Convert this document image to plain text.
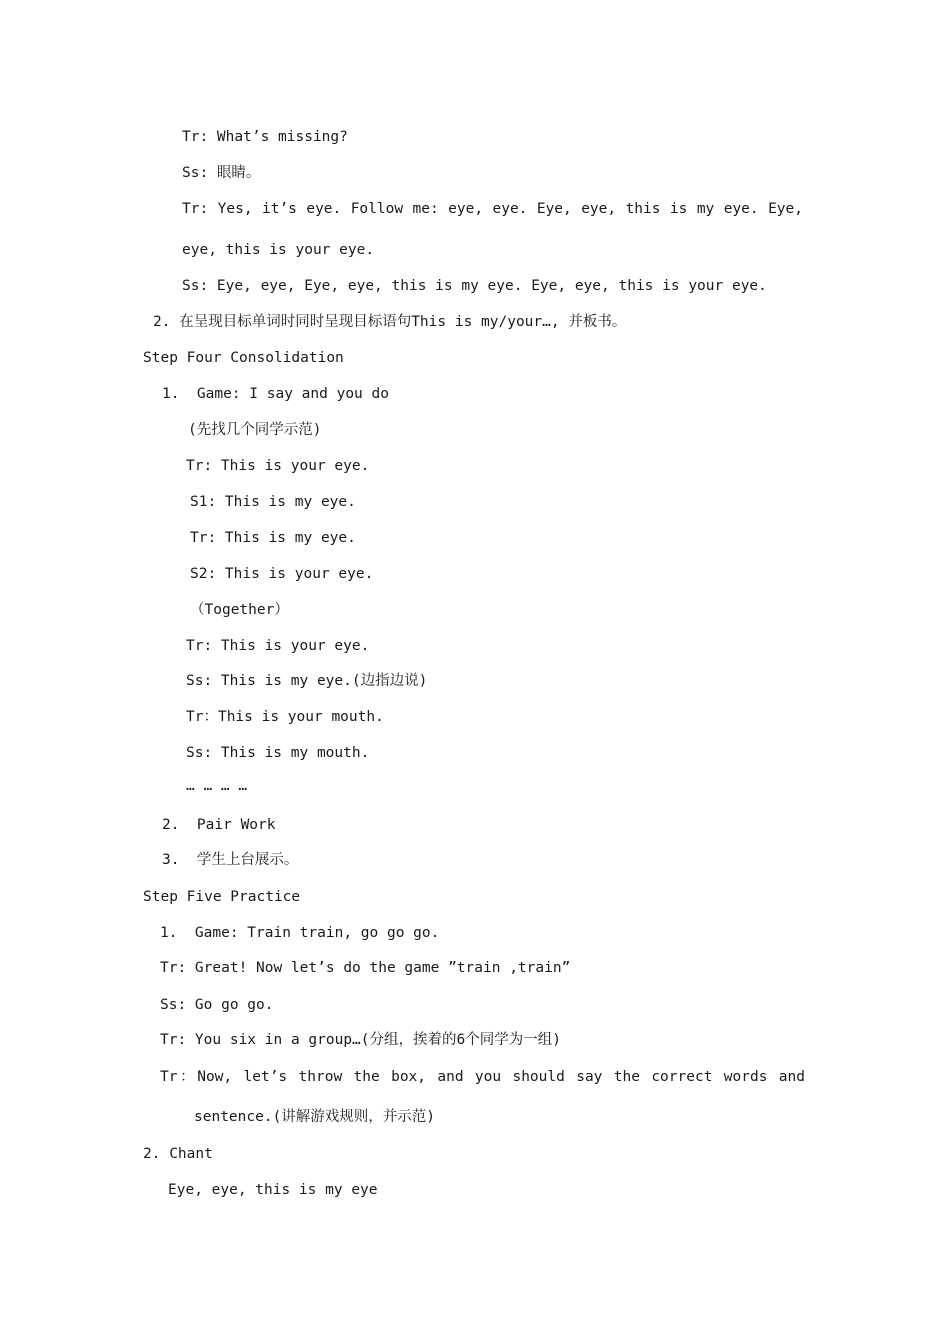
Tr: What’s missing?
Ss: 眼睛。
Tr: Yes, it’s eye. Follow me: eye, eye. Eye, eye, this is my eye. Eye,
eye, this is your eye.
Ss: Eye, eye, Eye, eye, this is my eye. Eye, eye, this is your eye.
2. 在呈现目标单词时同时呈现目标语句This is my/your…, 并板书。
Step Four Consolidation
1.  Game: I say and you do
(先找几个同学示范)
Tr: This is your eye.
S1: This is my eye.
Tr: This is my eye.
S2: This is your eye.
（Together）
Tr: This is your eye.
Ss: This is my eye.(边指边说)
Tr：This is your mouth.
Ss: This is my mouth.
… … … …
2.  Pair Work
3.  学生上台展示。
Step Five Practice
1.  Game: Train train, go go go.
Tr: Great! Now let’s do the game ”train ,train”
Ss: Go go go.
Tr: You six in a group…(分组，挨着的6个同学为一组)
Tr：Now, let’s throw the box, and you should say the correct words and
sentence.(讲解游戏规则，并示范)
2. Chant
Eye, eye, this is my eye
